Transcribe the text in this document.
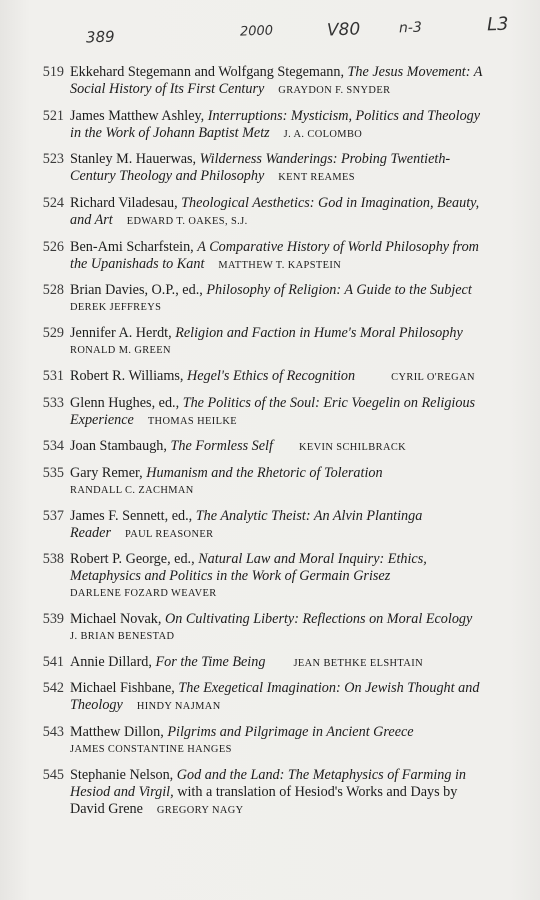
389	2000	V80	n-3	L3
519 Ekkehard Stegemann and Wolfgang Stegemann, The Jesus Movement: A Social History of Its First Century GRAYDON F. SNYDER
521 James Matthew Ashley, Interruptions: Mysticism, Politics and Theology in the Work of Johann Baptist Metz J. A. COLOMBO
523 Stanley M. Hauerwas, Wilderness Wanderings: Probing Twentieth-Century Theology and Philosophy KENT REAMES
524 Richard Viladesau, Theological Aesthetics: God in Imagination, Beauty, and Art EDWARD T. OAKES, S.J.
526 Ben-Ami Scharfstein, A Comparative History of World Philosophy from the Upanishads to Kant MATTHEW T. KAPSTEIN
528 Brian Davies, O.P., ed., Philosophy of Religion: A Guide to the Subject
DEREK JEFFREYS
529 Jennifer A. Herdt, Religion and Faction in Hume's Moral Philosophy
RONALD M. GREEN
531 Robert R. Williams, Hegel's Ethics of Recognition	CYRIL O'REGAN
533 Glenn Hughes, ed., The Politics of the Soul: Eric Voegelin on Religious Experience THOMAS HEILKE
534 Joan Stambaugh, The Formless Self	KEVIN SCHILBRACK
535 Gary Remer, Humanism and the Rhetoric of Toleration
RANDALL C. ZACHMAN
537 James F. Sennett, ed., The Analytic Theist: An Alvin Plantinga Reader PAUL REASONER
538 Robert P. George, ed., Natural Law and Moral Inquiry: Ethics, Metaphysics and Politics in the Work of Germain Grisez
DARLENE FOZARD WEAVER
539 Michael Novak, On Cultivating Liberty: Reflections on Moral Ecology
J. BRIAN BENESTAD
541 Annie Dillard, For the Time Being	JEAN BETHKE ELSHTAIN
542 Michael Fishbane, The Exegetical Imagination: On Jewish Thought and Theology HINDY NAJMAN
543 Matthew Dillon, Pilgrims and Pilgrimage in Ancient Greece
JAMES CONSTANTINE HANGES
545 Stephanie Nelson, God and the Land: The Metaphysics of Farming in Hesiod and Virgil, with a translation of Hesiod's Works and Days by David Grene GREGORY NAGY
